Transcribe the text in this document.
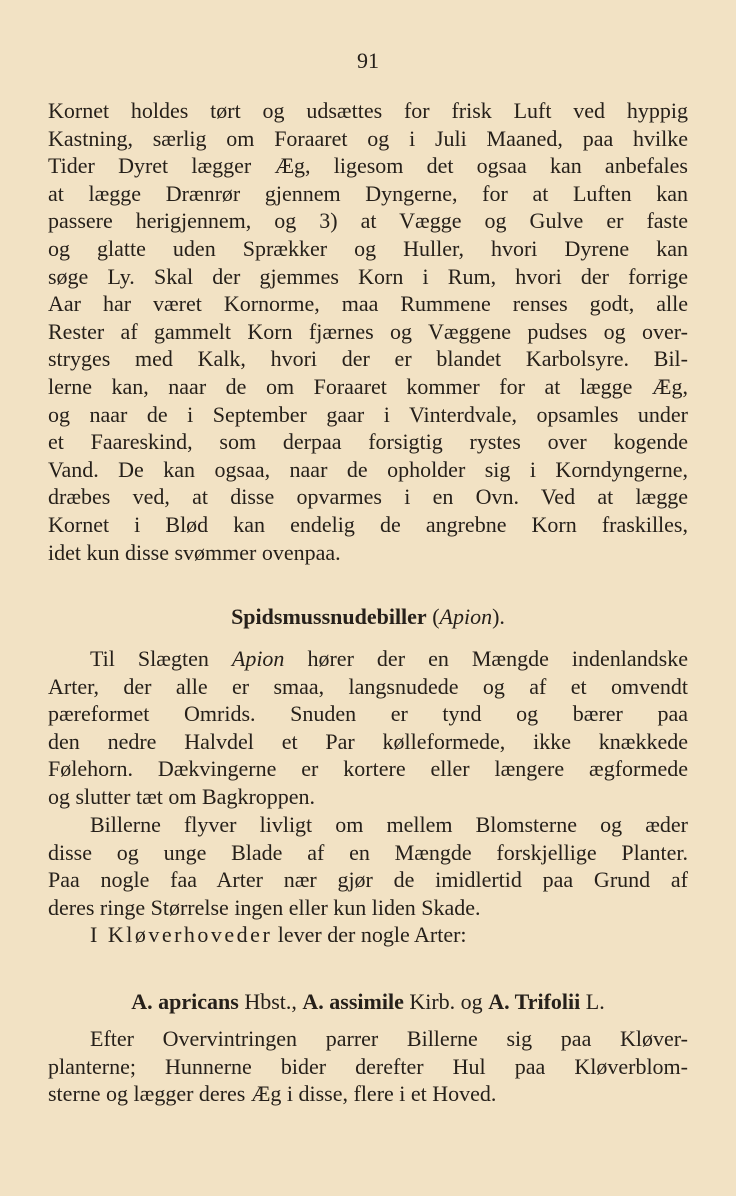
91
Kornet holdes tørt og udsættes for frisk Luft ved hyppig
Kastning, særlig om Foraaret og i Juli Maaned, paa hvilke
Tider Dyret lægger Æg, ligesom det ogsaa kan anbefales
at lægge Drænrør gjennem Dyngerne, for at Luften kan
passere herigjennem, og 3) at Vægge og Gulve er faste
og glatte uden Sprækker og Huller, hvori Dyrene kan
søge Ly. Skal der gjemmes Korn i Rum, hvori der forrige
Aar har været Kornorme, maa Rummene renses godt, alle
Rester af gammelt Korn fjærnes og Væggene pudses og over-
stryges med Kalk, hvori der er blandet Karbolsyre. Bil-
lerne kan, naar de om Foraaret kommer for at lægge Æg,
og naar de i September gaar i Vinterdvale, opsamles under
et Faareskind, som derpaa forsigtig rystes over kogende
Vand. De kan ogsaa, naar de opholder sig i Korndyngerne,
dræbes ved, at disse opvarmes i en Ovn. Ved at lægge
Kornet i Blød kan endelig de angrebne Korn fraskilles,
idet kun disse svømmer ovenpaa.
Spidsmussnudebiller (Apion).
Til Slægten Apion hører der en Mængde indenlandske
Arter, der alle er smaa, langsnudede og af et omvendt
pæreformet Omrids. Snuden er tynd og bærer paa
den nedre Halvdel et Par kølleformede, ikke knækkede
Følehorn. Dækvingerne er kortere eller længere ægformede
og slutter tæt om Bagkroppen.
Billerne flyver livligt om mellem Blomsterne og æder
disse og unge Blade af en Mængde forskjellige Planter.
Paa nogle faa Arter nær gjør de imidlertid paa Grund af
deres ringe Størrelse ingen eller kun liden Skade.
I Kløverhoveder lever der nogle Arter:
A. apricans Hbst., A. assimile Kirb. og A. Trifolii L.
Efter Overvintringen parrer Billerne sig paa Kløver-
planterne; Hunnerne bider derefter Hul paa Kløverblom-
sterne og lægger deres Æg i disse, flere i et Hoved.
